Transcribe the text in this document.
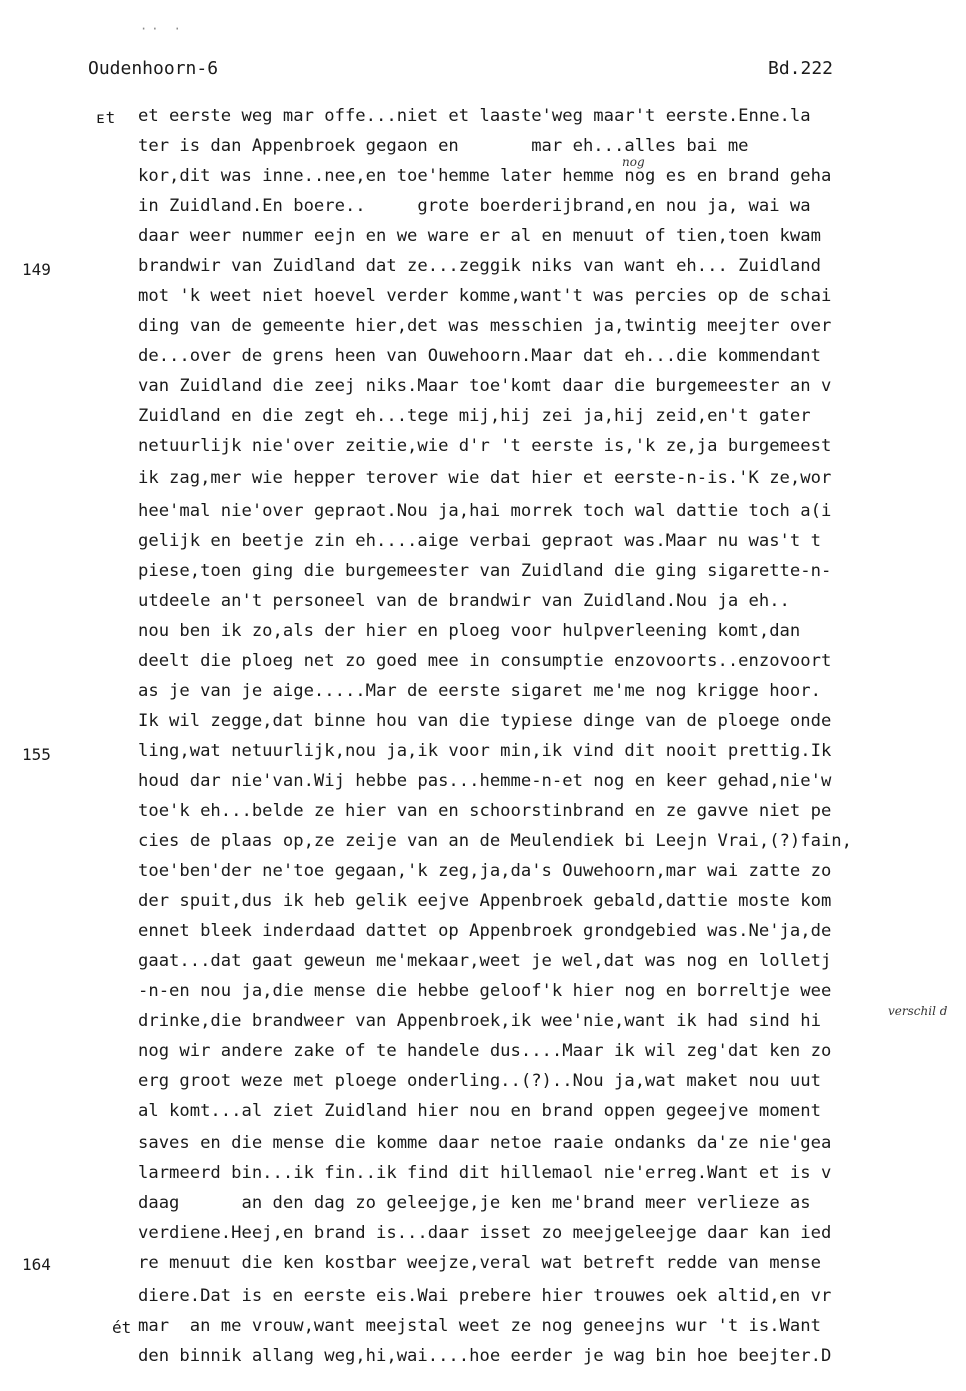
·· ·
Oudenhoorn-6	Bd.222
149
155
164
ᴇt
ét
nog
verschil d
et eerste weg mar offe...niet et laaste'weg maar't eerste.Enne.la
ter is dan Appenbroek gegaon en       mar eh...alles bai me
kor,dit was inne..nee,en toe'hemme later hemme nog es en brand geha
in Zuidland.En boere..     grote boerderijbrand,en nou ja, wai wa
daar weer nummer eejn en we ware er al en menuut of tien,toen kwam
brandwir van Zuidland dat ze...zeggik niks van want eh... Zuidland
mot 'k weet niet hoevel verder komme,want't was percies op de schai
ding van de gemeente hier,det was messchien ja,twintig meejter over
de...over de grens heen van Ouwehoorn.Maar dat eh...die kommendant
van Zuidland die zeej niks.Maar toe'komt daar die burgemeester an v
Zuidland en die zegt eh...tege mij,hij zei ja,hij zeid,en't gater
netuurlijk nie'over zeitie,wie d'r 't eerste is,'k ze,ja burgemeest
ik zag,mer wie hepper terover wie dat hier et eerste-n-is.'K ze,wor
hee'mal nie'over gepraot.Nou ja,hai morrek toch wal dattie toch a(i
gelijk en beetje zin eh....aige verbai gepraot was.Maar nu was't t
piese,toen ging die burgemeester van Zuidland die ging sigarette-n-
utdeele an't personeel van de brandwir van Zuidland.Nou ja eh..
nou ben ik zo,als der hier en ploeg voor hulpverleening komt,dan
deelt die ploeg net zo goed mee in consumptie enzovoorts..enzovoort
as je van je aige.....Mar de eerste sigaret me'me nog krigge hoor.
Ik wil zegge,dat binne hou van die typiese dinge van de ploege onde
ling,wat netuurlijk,nou ja,ik voor min,ik vind dit nooit prettig.Ik
houd dar nie'van.Wij hebbe pas...hemme-n-et nog en keer gehad,nie'w
toe'k eh...belde ze hier van en schoorstinbrand en ze gavve niet pe
cies de plaas op,ze zeije van an de Meulendiek bi Leejn Vrai,(?)fain,
toe'ben'der ne'toe gegaan,'k zeg,ja,da's Ouwehoorn,mar wai zatte zo
der spuit,dus ik heb gelik eejve Appenbroek gebald,dattie moste kom
ennet bleek inderdaad dattet op Appenbroek grondgebied was.Ne'ja,de
gaat...dat gaat geweun me'mekaar,weet je wel,dat was nog en lolletj
-n-en nou ja,die mense die hebbe geloof'k hier nog en borreltje wee
drinke,die brandweer van Appenbroek,ik wee'nie,want ik had sind hi
nog wir andere zake of te handele dus....Maar ik wil zeg'dat ken zo
erg groot weze met ploege onderling..(?)..Nou ja,wat maket nou uut
al komt...al ziet Zuidland hier nou en brand oppen gegeejve moment
saves en die mense die komme daar netoe raaie ondanks da'ze nie'gea
larmeerd bin...ik fin..ik find dit hillemaol nie'erreg.Want et is v
daag      an den dag zo geleejge,je ken me'brand meer verlieze as
verdiene.Heej,en brand is...daar isset zo meejgeleejge daar kan ied
re menuut die ken kostbar weejze,veral wat betreft redde van mense
diere.Dat is en eerste eis.Wai prebere hier trouwes oek altid,en vr
mar  an me vrouw,want meejstal weet ze nog geneejns wur 't is.Want
den binnik allang weg,hi,wai....hoe eerder je wag bin hoe beejter.D
